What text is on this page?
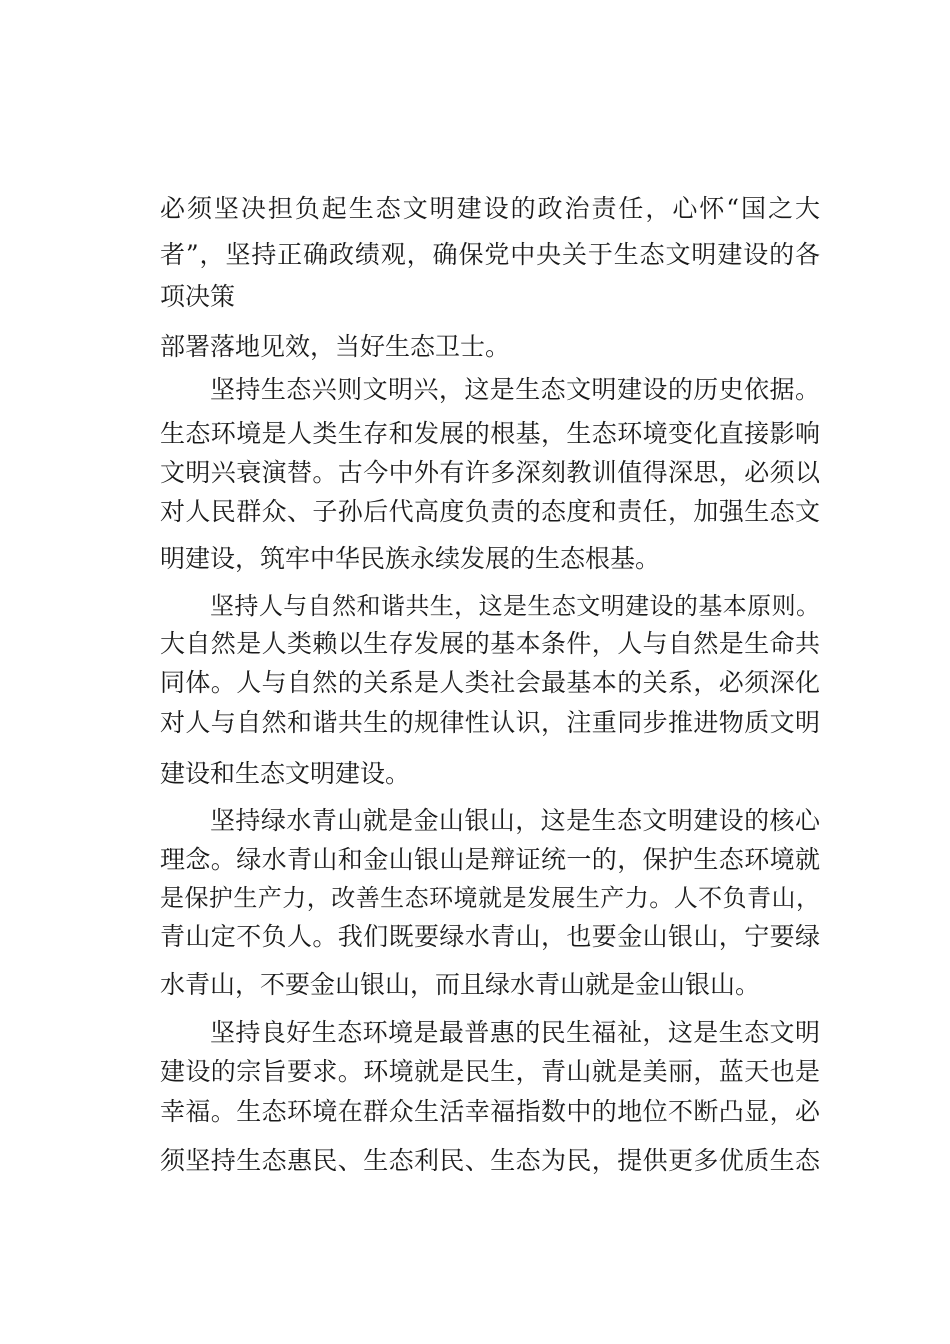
必须坚决担负起生态文明建设的政治责任，心怀“国之大
者”，坚持正确政绩观，确保党中央关于生态文明建设的各
项决策
部署落地见效，当好生态卫士。
坚持生态兴则文明兴，这是生态文明建设的历史依据。
生态环境是人类生存和发展的根基，生态环境变化直接影响
文明兴衰演替。古今中外有许多深刻教训值得深思，必须以
对人民群众、子孙后代高度负责的态度和责任，加强生态文
明建设，筑牢中华民族永续发展的生态根基。
坚持人与自然和谐共生，这是生态文明建设的基本原则。
大自然是人类赖以生存发展的基本条件，人与自然是生命共
同体。人与自然的关系是人类社会最基本的关系，必须深化
对人与自然和谐共生的规律性认识，注重同步推进物质文明
建设和生态文明建设。
坚持绿水青山就是金山银山，这是生态文明建设的核心
理念。绿水青山和金山银山是辩证统一的，保护生态环境就
是保护生产力，改善生态环境就是发展生产力。人不负青山，
青山定不负人。我们既要绿水青山，也要金山银山，宁要绿
水青山，不要金山银山，而且绿水青山就是金山银山。
坚持良好生态环境是最普惠的民生福祉，这是生态文明
建设的宗旨要求。环境就是民生，青山就是美丽，蓝天也是
幸福。生态环境在群众生活幸福指数中的地位不断凸显，必
须坚持生态惠民、生态利民、生态为民，提供更多优质生态
